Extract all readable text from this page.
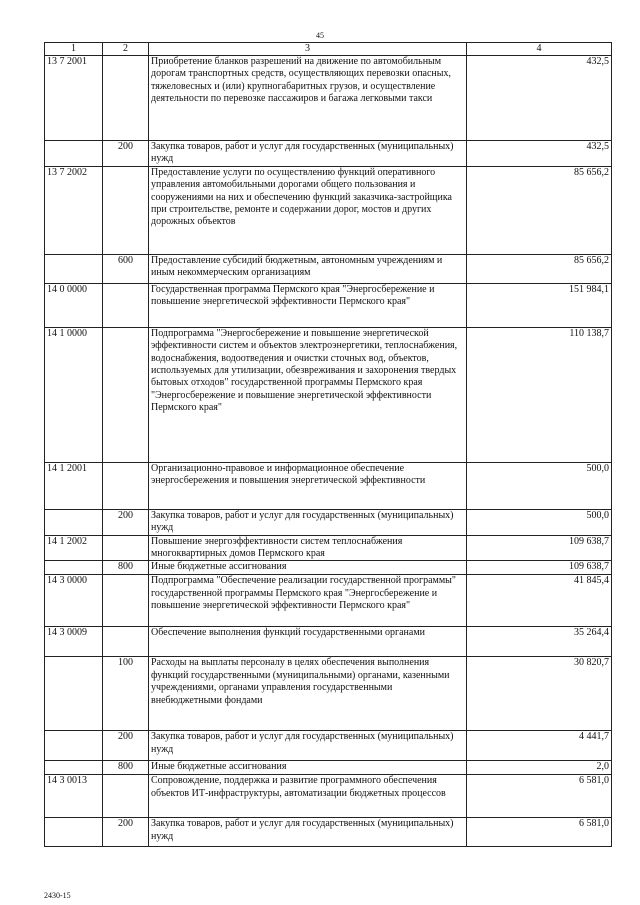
45
1	2	3	4
13 7 2001		Приобретение бланков разрешений на движение по автомобильным дорогам транспортных средств, осуществляющих перевозки опасных, тяжеловесных и (или) крупногабаритных грузов, и осуществление деятельности по перевозке пассажиров и багажа легковыми такси	432,5
	200	Закупка товаров, работ и услуг для государственных (муниципальных) нужд	432,5
13 7 2002		Предоставление услуги по осуществлению функций оперативного управления автомобильными дорогами общего пользования и сооружениями на них и обеспечению функций заказчика-застройщика при строительстве, ремонте и содержании дорог, мостов и других дорожных объектов	85 656,2
	600	Предоставление субсидий бюджетным, автономным учреждениям и иным некоммерческим организациям	85 656,2
14 0 0000		Государственная программа Пермского края "Энергосбережение и повышение энергетической эффективности Пермского края"	151 984,1
14 1 0000		Подпрограмма "Энергосбережение и повышение энергетической эффективности систем и объектов электроэнергетики, теплоснабжения, водоснабжения, водоотведения и очистки сточных вод, объектов, используемых для утилизации, обезвреживания и захоронения твердых бытовых отходов" государственной программы Пермского края "Энергосбережение и повышение энергетической эффективности Пермского края"	110 138,7
14 1 2001		Организационно-правовое и информационное обеспечение энергосбережения и повышения энергетической эффективности	500,0
	200	Закупка товаров, работ и услуг для государственных (муниципальных) нужд	500,0
14 1 2002		Повышение энергоэффективности систем теплоснабжения многоквартирных домов Пермского края	109 638,7
	800	Иные бюджетные ассигнования	109 638,7
14 3 0000		Подпрограмма "Обеспечение реализации государственной программы" государственной программы Пермского края "Энергосбережение и повышение энергетической эффективности Пермского края"	41 845,4
14 3 0009		Обеспечение выполнения функций государственными органами	35 264,4
	100	Расходы на выплаты персоналу в целях обеспечения выполнения функций государственными (муниципальными) органами, казенными учреждениями, органами управления государственными внебюджетными фондами	30 820,7
	200	Закупка товаров, работ и услуг для государственных (муниципальных) нужд	4 441,7
	800	Иные бюджетные ассигнования	2,0
14 3 0013		Сопровождение, поддержка и развитие программного обеспечения объектов ИТ-инфраструктуры, автоматизации бюджетных процессов	6 581,0
	200	Закупка товаров, работ и услуг для государственных (муниципальных) нужд	6 581,0
2430-15
